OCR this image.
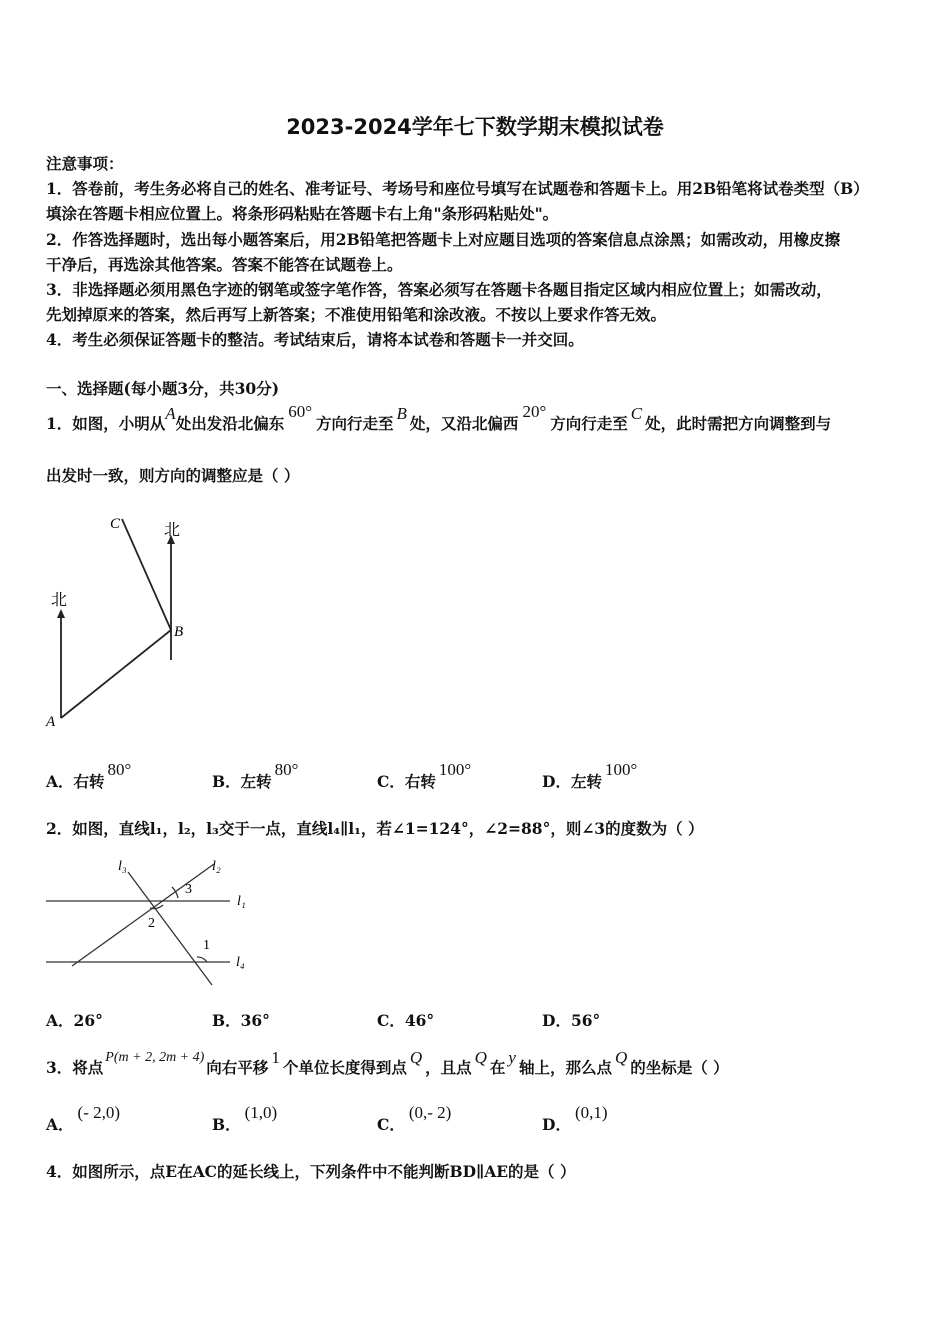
2023-2024学年七下数学期末模拟试卷
注意事项：
1．答卷前，考生务必将自己的姓名、准考证号、考场号和座位号填写在试题卷和答题卡上。用2B铅笔将试卷类型（B）
填涂在答题卡相应位置上。将条形码粘贴在答题卡右上角"条形码粘贴处"。
2．作答选择题时，选出每小题答案后，用2B铅笔把答题卡上对应题目选项的答案信息点涂黑；如需改动，用橡皮擦
干净后，再选涂其他答案。答案不能答在试题卷上。
3．非选择题必须用黑色字迹的钢笔或签字笔作答，答案必须写在答题卡各题目指定区域内相应位置上；如需改动，
先划掉原来的答案，然后再写上新答案；不准使用铅笔和涂改液。不按以上要求作答无效。
4．考生必须保证答题卡的整洁。考试结束后，请将本试卷和答题卡一并交回。
一、选择题(每小题3分，共30分)
1．如图，小明从A处出发沿北偏东60°方向行走至B处，又沿北偏西20°方向行走至C处，此时需把方向调整到与
出发时一致，则方向的调整应是（ ）
北
北
A
B
C
l₃	l₂
l₁
l₄
3
2
1
A．右转80°
B．左转80°
C．右转100°
D．左转100°
2．如图，直线l₁，l₂，l₃交于一点，直线l₄∥l₁，若∠1=124°，∠2=88°，则∠3的度数为（ ）
A．26°	B．36°	C．46°	D．56°
3．将点P(m + 2, 2m + 4)向右平移1个单位长度得到点Q，且点Q在y轴上，那么点Q的坐标是（ ）
A．(- 2,0)
B．(1,0)
C．(0,- 2)
D．(0,1)
4．如图所示，点E在AC的延长线上，下列条件中不能判断BD∥AE的是（ ）
